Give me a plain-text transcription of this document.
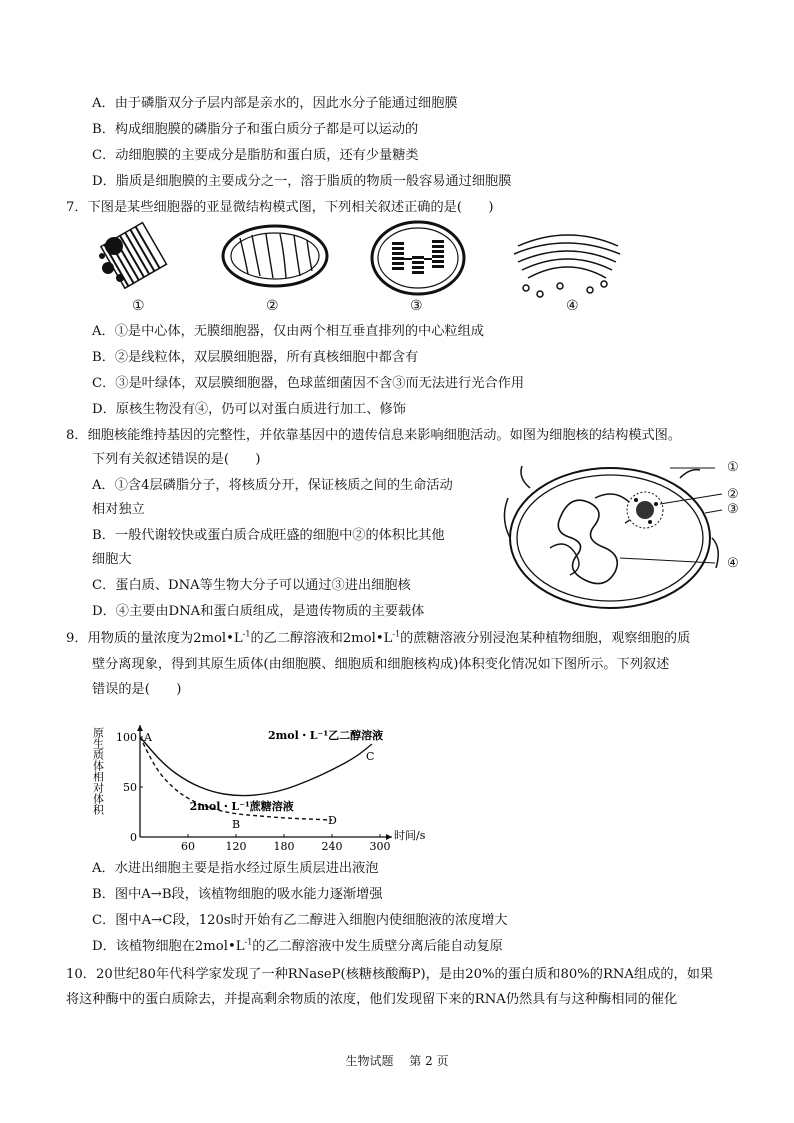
A．由于磷脂双分子层内部是亲水的，因此水分子能通过细胞膜
B．构成细胞膜的磷脂分子和蛋白质分子都是可以运动的
C．动细胞膜的主要成分是脂肪和蛋白质，还有少量糖类
D．脂质是细胞膜的主要成分之一，溶于脂质的物质一般容易通过细胞膜
7．下图是某些细胞器的亚显微结构模式图，下列相关叙述正确的是(　　)
①	②	③	④
A．①是中心体，无膜细胞器，仅由两个相互垂直排列的中心粒组成
B．②是线粒体，双层膜细胞器，所有真核细胞中都含有
C．③是叶绿体，双层膜细胞器，色球蓝细菌因不含③而无法进行光合作用
D．原核生物没有④，仍可以对蛋白质进行加工、修饰
8．细胞核能维持基因的完整性，并依靠基因中的遗传信息来影响细胞活动。如图为细胞核的结构模式图。
下列有关叙述错误的是(　　)
A．①含4层磷脂分子，将核质分开，保证核质之间的生命活动
相对独立
B．一般代谢较快或蛋白质合成旺盛的细胞中②的体积比其他
细胞大
C．蛋白质、DNA等生物大分子可以通过③进出细胞核
D．④主要由DNA和蛋白质组成，是遗传物质的主要载体
①
②
③
④
9．用物质的量浓度为$2mol•L^{-1}$的乙二醇溶液和$2mol•L^{-1}$的蔗糖溶液分别浸泡某种植物细胞，观察细胞的质
壁分离现象，得到其原生质体(由细胞膜、细胞质和细胞核构成)体积变化情况如下图所示。下列叙述
错误的是(　　)
原生质体相对体积
时间/s
60	120 180 240 300
100
50
0
2mol・L⁻¹乙二醇溶液
2mol・L⁻¹蔗糖溶液
A
B
C
D
A．水进出细胞主要是指水经过原生质层进出液泡
B．图中A→B段，该植物细胞的吸水能力逐渐增强
C．图中A→C段，120s时开始有乙二醇进入细胞内使细胞液的浓度增大
D．该植物细胞在$2mol•L^{-1}$的乙二醇溶液中发生质壁分离后能自动复原
10．20世纪80年代科学家发现了一种RNaseP(核糖核酸酶P)，是由20%的蛋白质和80%的RNA组成的，如果
将这种酶中的蛋白质除去，并提高剩余物质的浓度，他们发现留下来的RNA仍然具有与这种酶相同的催化
生物试题 第 2 页
